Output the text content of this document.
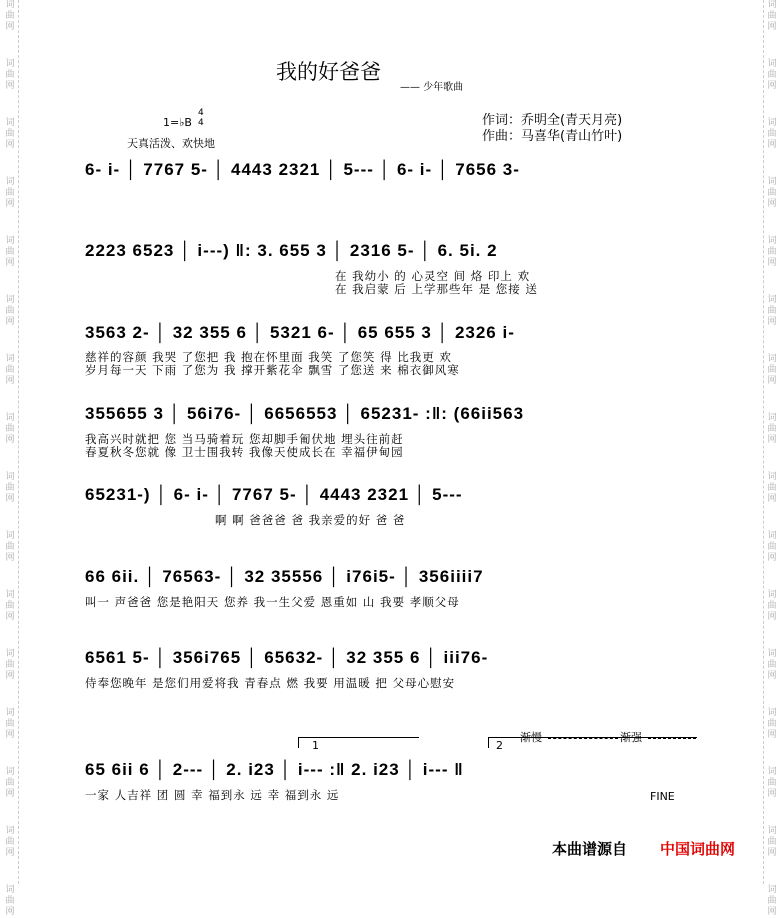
词
曲
网
词
曲
网
词
曲
网
词
曲
网
词
曲
网
词
曲
网
词
曲
网
词
曲
网
词
曲
网
词
曲
网
词
曲
网
词
曲
网
词
曲
网
词
曲
网
词
曲
网
词
曲
网
词
曲
网
词
曲
网
词
曲
网
词
曲
网
词
曲
网
词
曲
网
词
曲
网
词
曲
网
词
曲
网
词
曲
网
词
曲
网
词
曲
网
词
曲
网
词
曲
网
词
曲
网
词
曲
网
我的好爸爸
—— 少年歌曲
1=♭B
4
4
天真活泼、欢快地
作词：乔明全(青天月亮)
作曲：马喜华(青山竹叶)
6- i- │ 7767 5- │ 4443 2321 │ 5--- │ 6- i- │ 7656 3-
2223 6523 │ i---) ‖: 3. 655 3 │ 2316 5- │ 6. 5i. 2
在 我幼小 的 心灵空 间 烙 印上 欢
在 我启蒙 后 上学那些年 是 您接 送
3563 2- │ 32 355 6 │ 5321 6- │ 65 655 3 │ 2326 i-
慈祥的容颜 我哭 了您把 我 抱在怀里面 我笑 了您笑 得 比我更 欢
岁月每一天 下雨 了您为 我 撑开紫花伞 飘雪 了您送 来 棉衣御风寒
355655 3 │ 56i76- │ 6656553 │ 65231- :‖: (66ii563
我高兴时就把 您 当马骑着玩 您却脚手匍伏地 埋头往前赶
春夏秋冬您就 像 卫士围我转 我像天使成长在 幸福伊甸园
65231-) │ 6- i- │ 7767 5- │ 4443 2321 │ 5---
啊 啊 爸爸爸 爸 我亲爱的好 爸 爸
66 6ii. │ 76563- │ 32 35556 │ i76i5- │ 356iiii7
叫一 声爸爸 您是艳阳天 您养 我一生父爱 恩重如 山 我要 孝顺父母
6561 5- │ 356i765 │ 65632- │ 32 355 6 │ iii76-
侍奉您晚年 是您们用爱将我 青春点 燃 我要 用温暖 把 父母心慰安
1	2
渐慢	渐强
65 6ii 6 │ 2--- │ 2. i23 │ i--- :‖ 2. i23 │ i--- ‖
一家 人吉祥 团 圆 幸 福到永 远 幸 福到永 远	FINE
本曲谱源自 中国词曲网
